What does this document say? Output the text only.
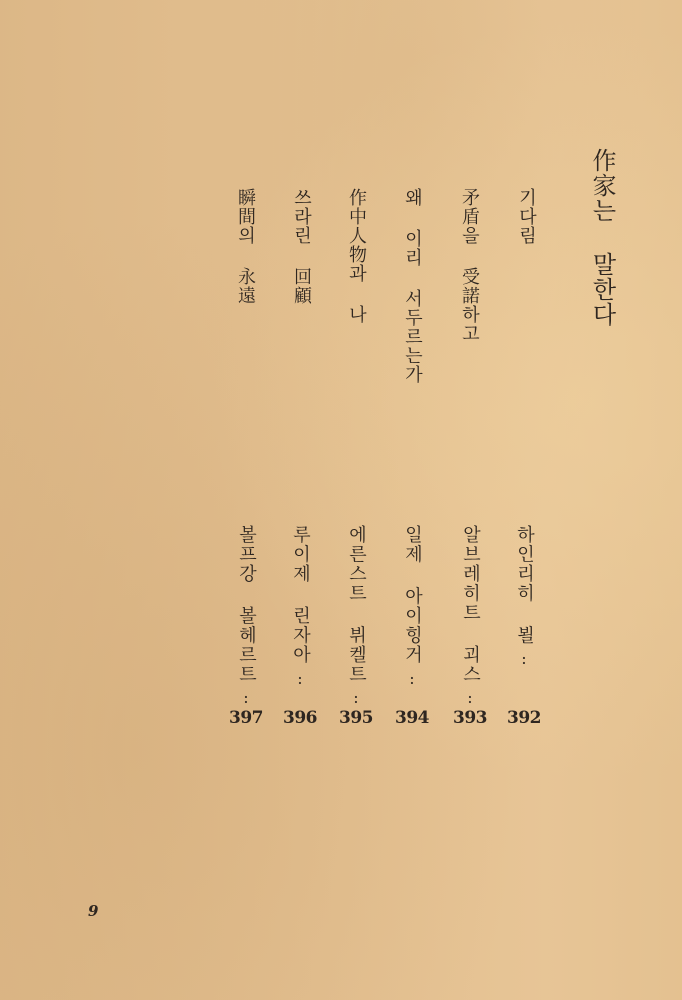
作家는 말한다
기다림
矛盾을 受諾하고
왜 이리 서두르는가
作中人物과 나
쓰라린 回顧
瞬間의 永遠
하인리히 뵐
:
392
알브레히트 괴스
:
393
일제 아이힝거
:
394
에른스트 뷔켈트
:
395
루이제 린자아
:
396
볼프강 볼헤르트
:
397
9
